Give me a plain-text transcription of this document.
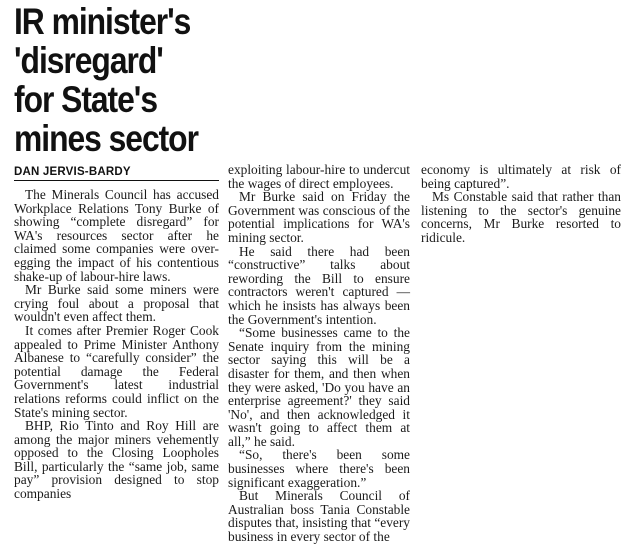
IR minister's
'disregard'
for State's
mines sector
DAN JERVIS-BARDY

The Minerals Council has accused Workplace Relations Tony Burke of showing “complete disregard” for WA's resources sector after he claimed some companies were over-egging the impact of his contentious shake-up of labour-hire laws.

Mr Burke said some miners were crying foul about a proposal that wouldn't even affect them.

It comes after Premier Roger Cook appealed to Prime Minister Anthony Albanese to “carefully consider” the potential damage the Federal Government's latest industrial relations reforms could inflict on the State's mining sector.

BHP, Rio Tinto and Roy Hill are among the major miners vehemently opposed to the Closing Loopholes Bill, particularly the “same job, same pay” provision designed to stop companies

exploiting labour-hire to undercut the wages of direct employees.

Mr Burke said on Friday the Government was conscious of the potential implications for WA's mining sector.

He said there had been “constructive” talks about rewording the Bill to ensure contractors weren't captured — which he insists has always been the Government's intention.

“Some businesses came to the Senate inquiry from the mining sector saying this will be a disaster for them, and then when they were asked, 'Do you have an enterprise agreement?' they said 'No', and then acknowledged it wasn't going to affect them at all,” he said.

“So, there's been some businesses where there's been significant exaggeration.”

But Minerals Council of Australian boss Tania Constable disputes that, insisting that “every business in every sector of the

economy is ultimately at risk of being captured”.

Ms Constable said that rather than listening to the sector's genuine concerns, Mr Burke resorted to ridicule.
